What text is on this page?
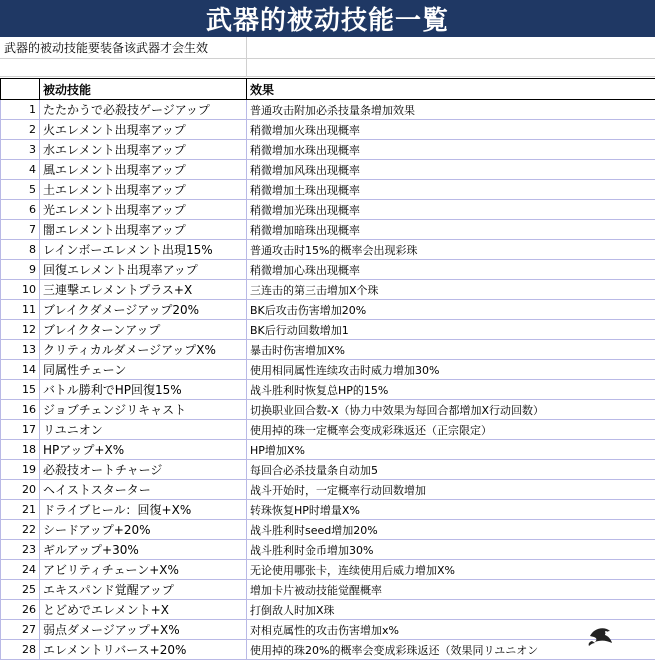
武器的被动技能一覧
武器的被动技能要装备该武器才会生效
	被动技能	效果
1	たたかうで必殺技ゲージアップ	普通攻击附加必杀技量条增加效果
2	火エレメント出現率アップ	稍微增加火珠出现概率
3	水エレメント出現率アップ	稍微增加水珠出现概率
4	風エレメント出現率アップ	稍微增加风珠出现概率
5	土エレメント出現率アップ	稍微增加土珠出现概率
6	光エレメント出現率アップ	稍微增加光珠出现概率
7	闇エレメント出現率アップ	稍微增加暗珠出现概率
8	レインボーエレメント出現15%	普通攻击时15%的概率会出现彩珠
9	回復エレメント出現率アップ	稍微增加心珠出现概率
10	三連撃エレメントプラス+X	三连击的第三击增加X个珠
11	ブレイクダメージアップ20%	BK后攻击伤害增加20%
12	ブレイクターンアップ	BK后行动回数增加1
13	クリティカルダメージアップX%	暴击时伤害增加X%
14	同属性チェーン	使用相同属性连续攻击时威力增加30%
15	バトル勝利でHP回復15%	战斗胜利时恢复总HP的15%
16	ジョブチェンジリキャスト	切换职业回合数-X（协力中效果为每回合都增加X行动回数）
17	リユニオン	使用掉的珠一定概率会变成彩珠返还（正宗限定）
18	HPアップ+X%	HP增加X%
19	必殺技オートチャージ	每回合必杀技量条自动加5
20	ヘイストスターター	战斗开始时，一定概率行动回数增加
21	ドライブヒール：回復+X%	转珠恢复HP时增量X%
22	シードアップ+20%	战斗胜利时seed增加20%
23	ギルアップ+30%	战斗胜利时金币增加30%
24	アビリティチェーン+X%	无论使用哪张卡，连续使用后威力增加X%
25	エキスパンド覚醒アップ	增加卡片被动技能觉醒概率
26	とどめでエレメント+X	打倒敌人时加X珠
27	弱点ダメージアップ+X%	对相克属性的攻击伤害增加x%
28	エレメントリバース+20%	使用掉的珠20%的概率会变成彩珠返还（效果同リユニオン
